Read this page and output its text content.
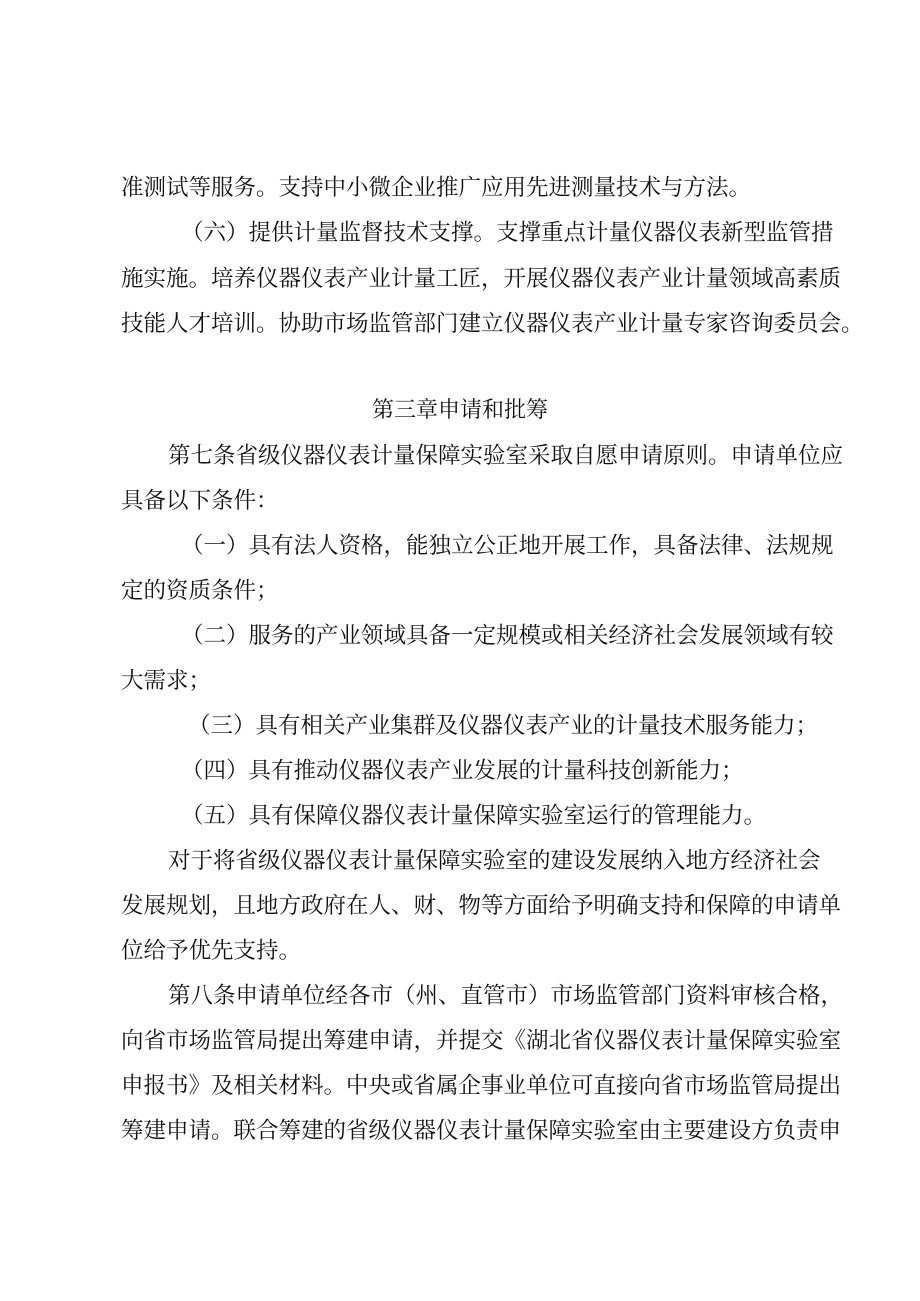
准测试等服务。支持中小微企业推广应用先进测量技术与方法。
（六）提供计量监督技术支撑。支撑重点计量仪器仪表新型监管措
施实施。培养仪器仪表产业计量工匠，开展仪器仪表产业计量领域高素质
技能人才培训。协助市场监管部门建立仪器仪表产业计量专家咨询委员会。
第三章申请和批筹
第七条省级仪器仪表计量保障实验室采取自愿申请原则。申请单位应
具备以下条件：
（一）具有法人资格，能独立公正地开展工作，具备法律、法规规
定的资质条件；
（二）服务的产业领域具备一定规模或相关经济社会发展领域有较
大需求；
（三）具有相关产业集群及仪器仪表产业的计量技术服务能力；
（四）具有推动仪器仪表产业发展的计量科技创新能力；
（五）具有保障仪器仪表计量保障实验室运行的管理能力。
对于将省级仪器仪表计量保障实验室的建设发展纳入地方经济社会
发展规划，且地方政府在人、财、物等方面给予明确支持和保障的申请单
位给予优先支持。
第八条申请单位经各市（州、直管市）市场监管部门资料审核合格，
向省市场监管局提出筹建申请，并提交《湖北省仪器仪表计量保障实验室
申报书》及相关材料。中央或省属企事业单位可直接向省市场监管局提出
筹建申请。联合筹建的省级仪器仪表计量保障实验室由主要建设方负责申
